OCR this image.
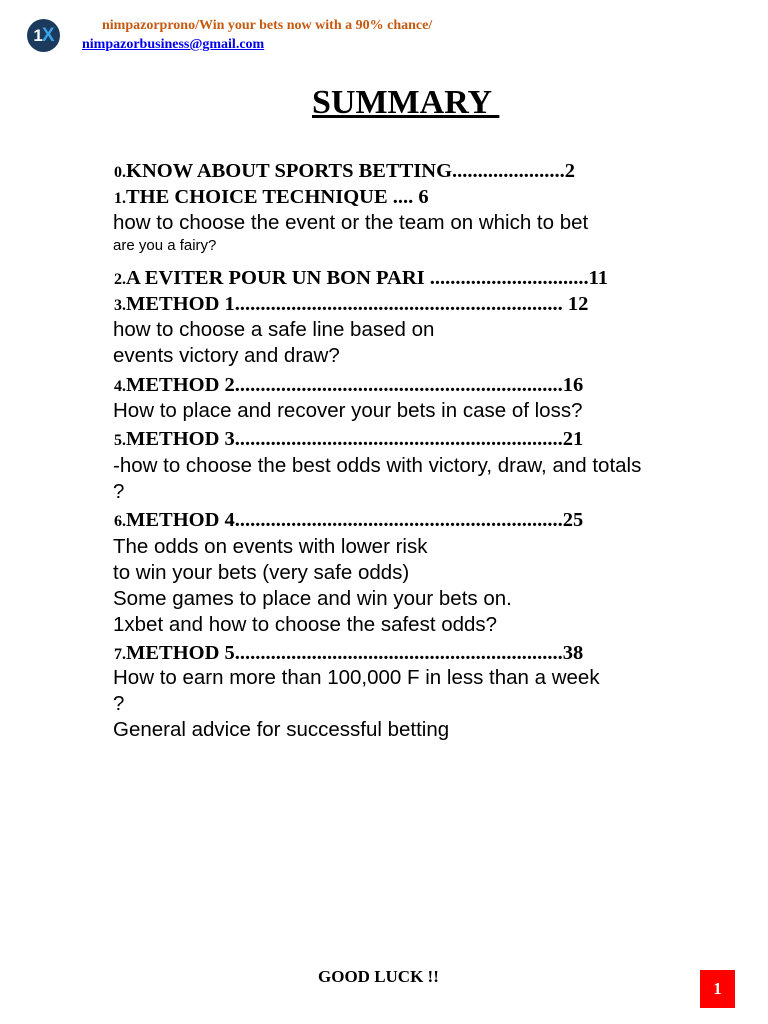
1 X	nimpazorprono/Win your bets now with a 90% chance/
nimpazorbusiness@gmail.com
SUMMARY
0.KNOW ABOUT SPORTS BETTING......................2
1.THE CHOICE TECHNIQUE .... 6
how to choose the event or the team on which to bet
are you a fairy?
2.A EVITER POUR UN BON PARI ...............................11
3.METHOD 1................................................................ 12
how to choose a safe line based on
events victory and draw?
4.METHOD 2................................................................16
How to place and recover your bets in case of loss?
5.METHOD 3................................................................21
-how to choose the best odds with victory, draw, and totals
?
6.METHOD 4................................................................25
The odds on events with lower risk
to win your bets (very safe odds)
Some games to place and win your bets on.
1xbet and how to choose the safest odds?
7.METHOD 5................................................................38
How to earn more than 100,000 F in less than a week
?
General advice for successful betting
GOOD LUCK !!
1
